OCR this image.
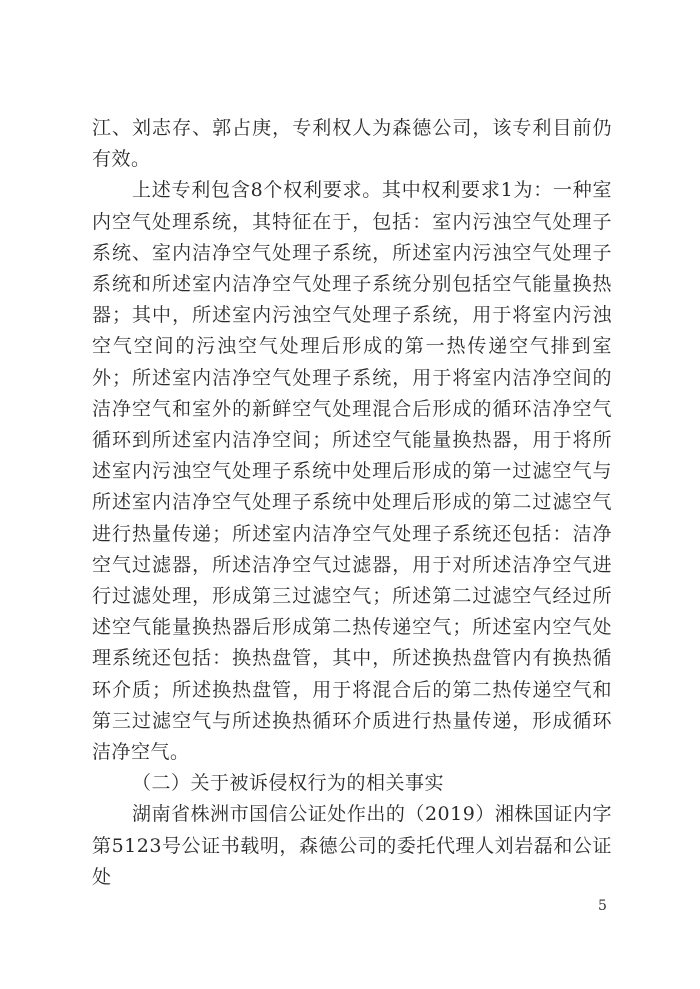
江、刘志存、郭占庚，专利权人为森德公司，该专利目前仍有效。

上述专利包含8个权利要求。其中权利要求1为：一种室内空气处理系统，其特征在于，包括：室内污浊空气处理子系统、室内洁净空气处理子系统，所述室内污浊空气处理子系统和所述室内洁净空气处理子系统分别包括空气能量换热器；其中，所述室内污浊空气处理子系统，用于将室内污浊空气空间的污浊空气处理后形成的第一热传递空气排到室外；所述室内洁净空气处理子系统，用于将室内洁净空间的洁净空气和室外的新鲜空气处理混合后形成的循环洁净空气循环到所述室内洁净空间；所述空气能量换热器，用于将所述室内污浊空气处理子系统中处理后形成的第一过滤空气与所述室内洁净空气处理子系统中处理后形成的第二过滤空气进行热量传递；所述室内洁净空气处理子系统还包括：洁净空气过滤器，所述洁净空气过滤器，用于对所述洁净空气进行过滤处理，形成第三过滤空气；所述第二过滤空气经过所述空气能量换热器后形成第二热传递空气；所述室内空气处理系统还包括：换热盘管，其中，所述换热盘管内有换热循环介质；所述换热盘管，用于将混合后的第二热传递空气和第三过滤空气与所述换热循环介质进行热量传递，形成循环洁净空气。

（二）关于被诉侵权行为的相关事实

湖南省株洲市国信公证处作出的（2019）湘株国证内字第5123号公证书载明，森德公司的委托代理人刘岩磊和公证处

5
